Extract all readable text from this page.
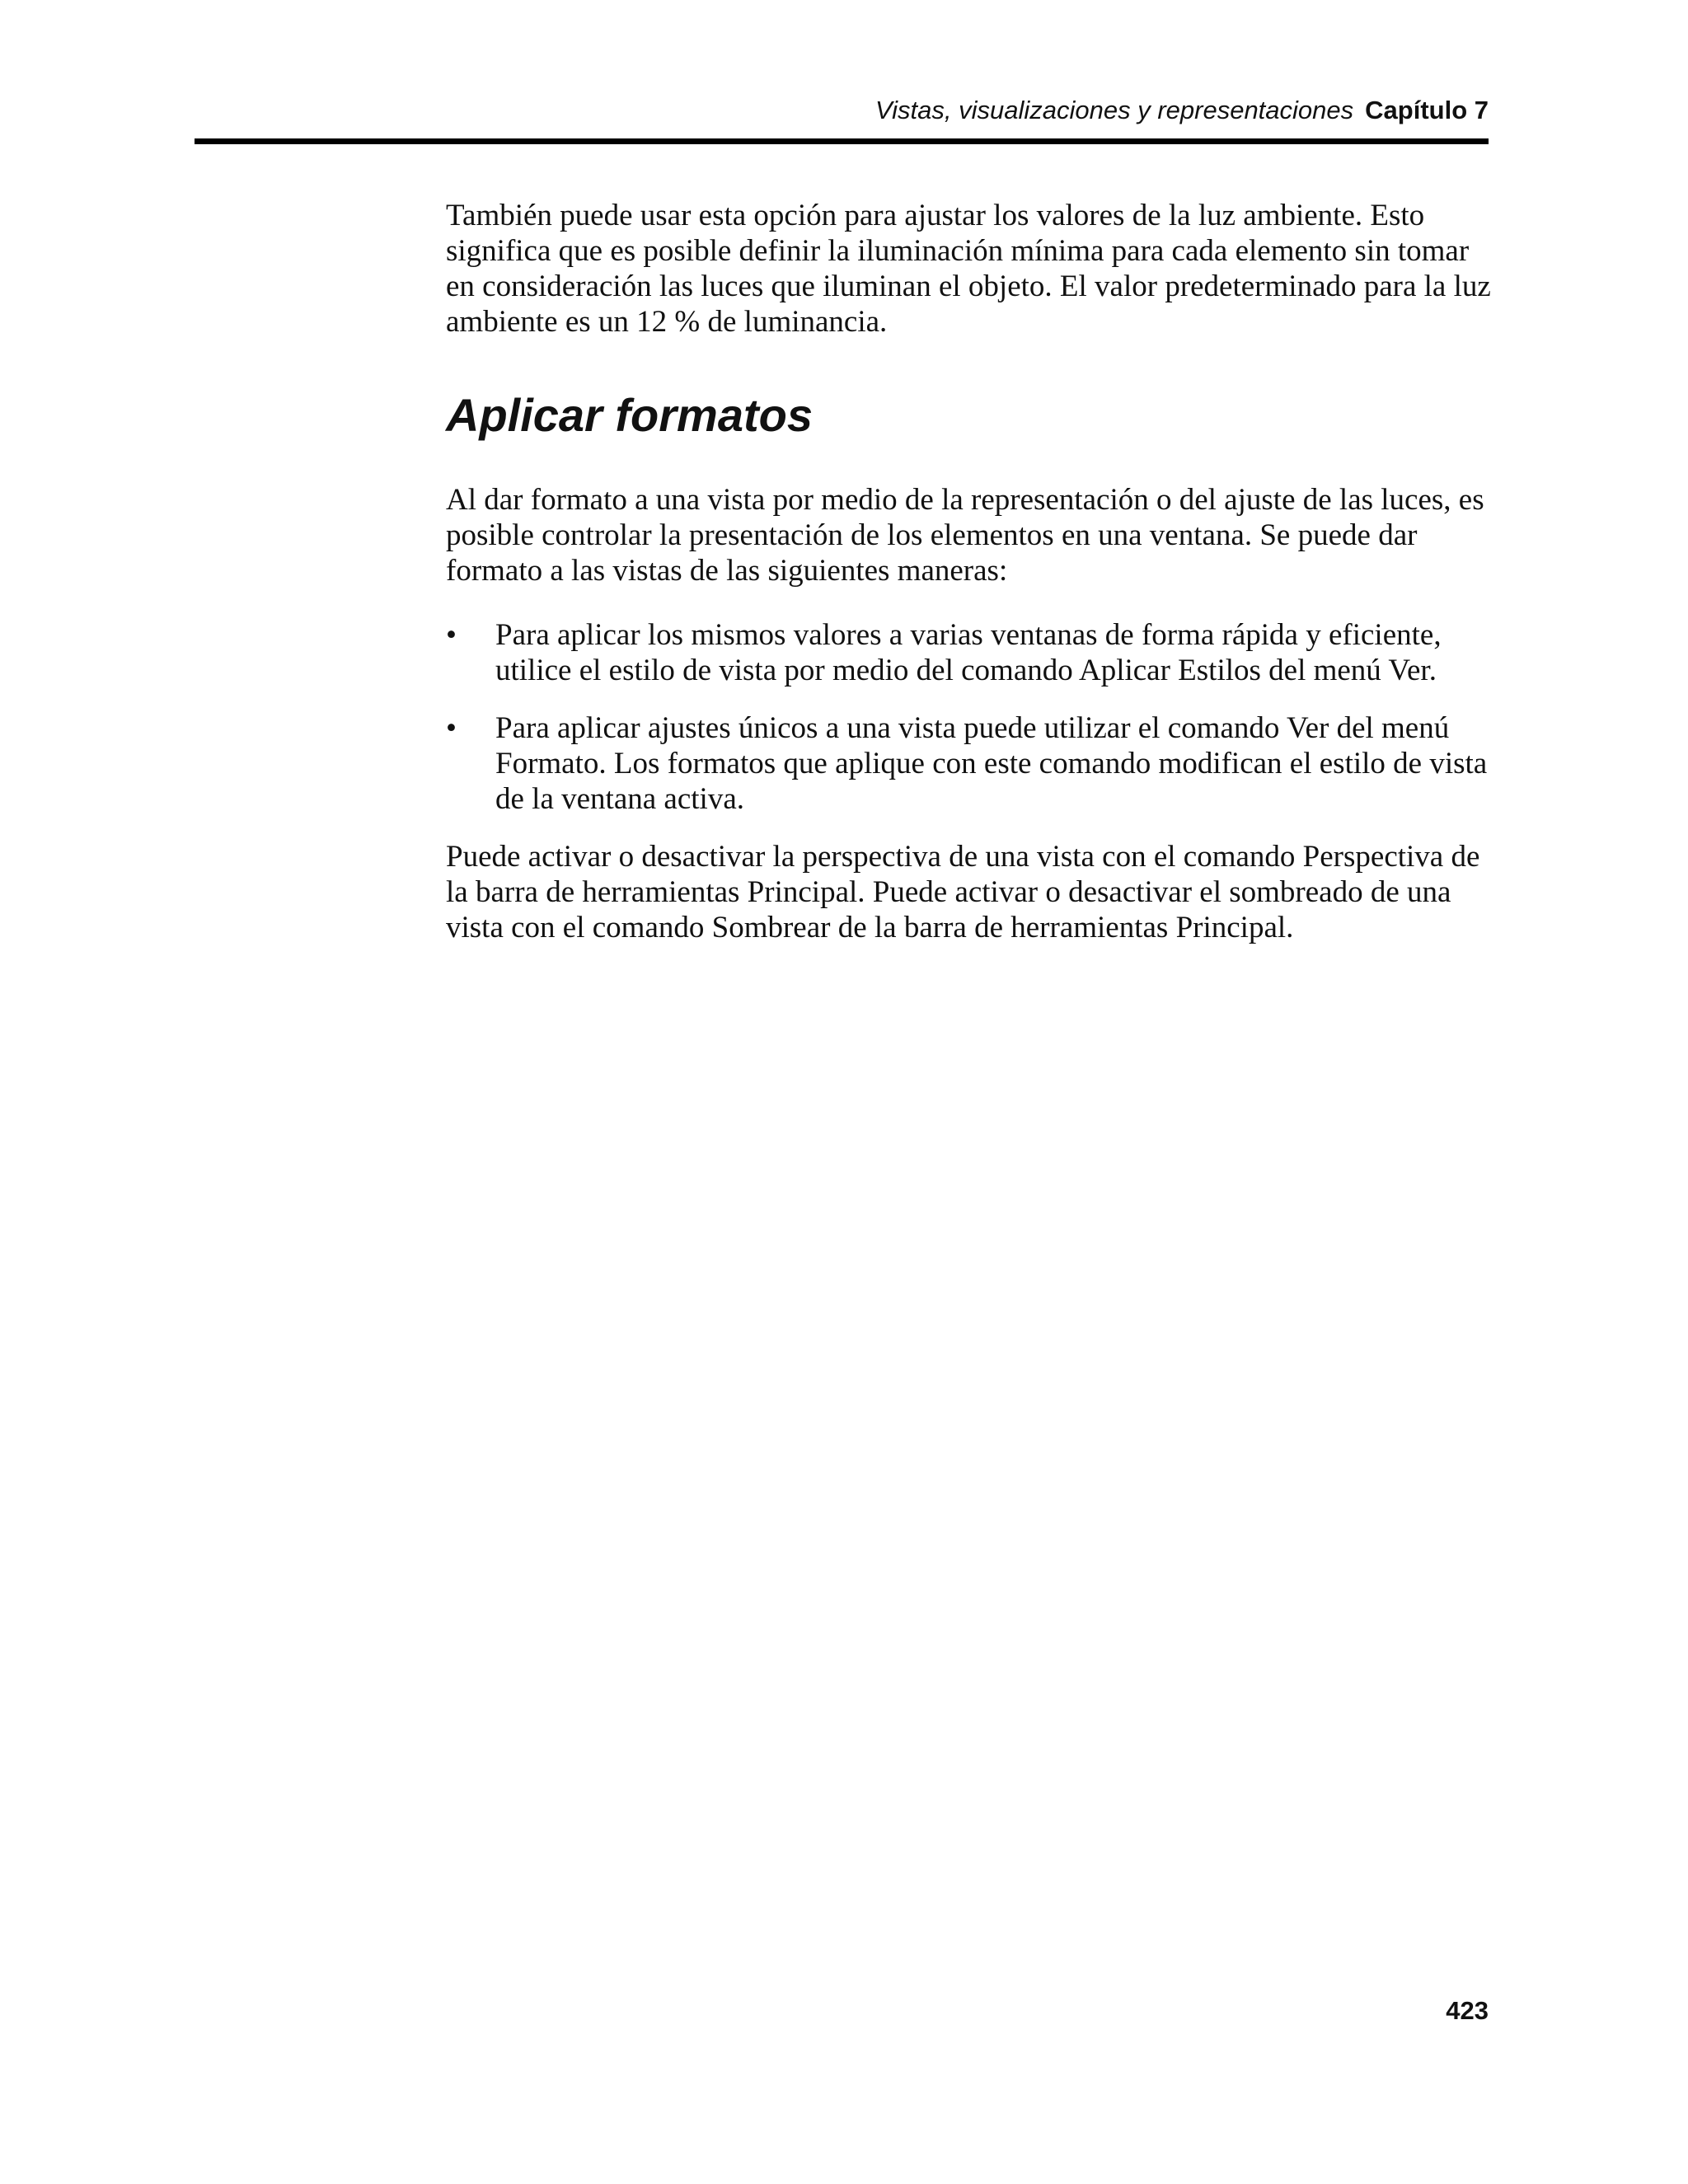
Vistas, visualizaciones y representaciones Capítulo 7

También puede usar esta opción para ajustar los valores de la luz ambiente. Esto significa que es posible definir la iluminación mínima para cada elemento sin tomar en consideración las luces que iluminan el objeto. El valor predeterminado para la luz ambiente es un 12 % de luminancia.

Aplicar formatos

Al dar formato a una vista por medio de la representación o del ajuste de las luces, es posible controlar la presentación de los elementos en una ventana. Se puede dar formato a las vistas de las siguientes maneras:

•	Para aplicar los mismos valores a varias ventanas de forma rápida y eficiente, utilice el estilo de vista por medio del comando Aplicar Estilos del menú Ver.
•	Para aplicar ajustes únicos a una vista puede utilizar el comando Ver del menú Formato. Los formatos que aplique con este comando modifican el estilo de vista de la ventana activa.

Puede activar o desactivar la perspectiva de una vista con el comando Perspectiva de la barra de herramientas Principal. Puede activar o desactivar el sombreado de una vista con el comando Sombrear de la barra de herramientas Principal.

423
